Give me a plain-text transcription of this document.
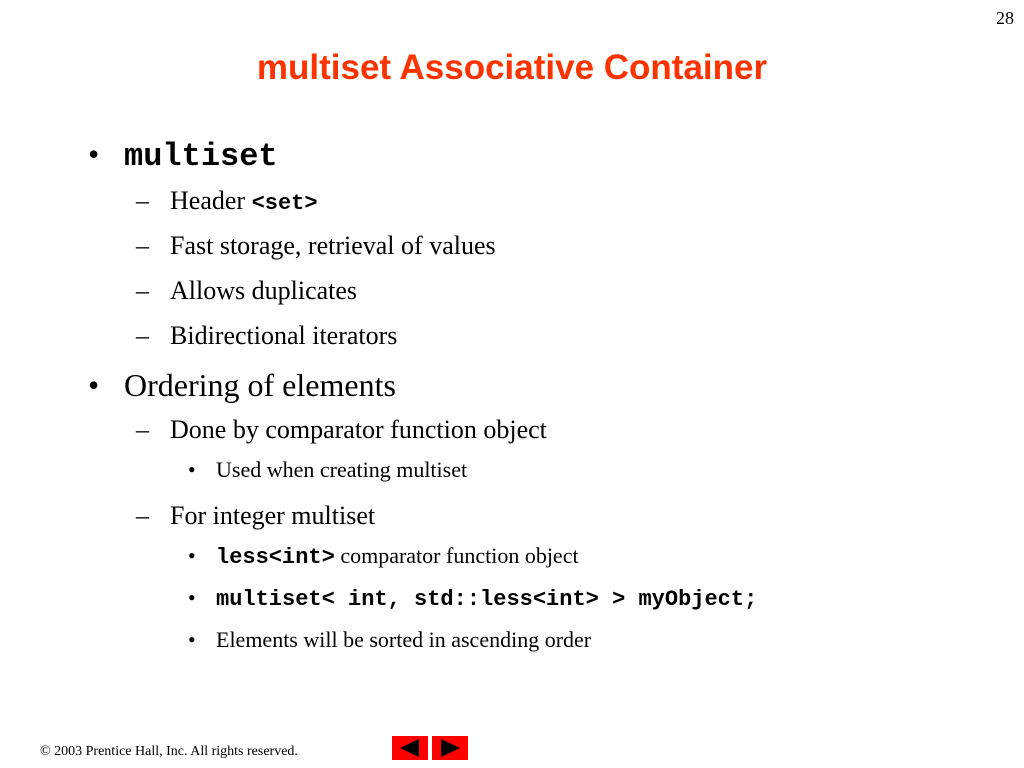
28
multiset Associative Container
• multiset
– Header <set>
– Fast storage, retrieval of values
– Allows duplicates
– Bidirectional iterators
• Ordering of elements
– Done by comparator function object
• Used when creating multiset
– For integer multiset
• less<int> comparator function object
• multiset< int, std::less<int> > myObject;
• Elements will be sorted in ascending order
© 2003 Prentice Hall, Inc. All rights reserved.
